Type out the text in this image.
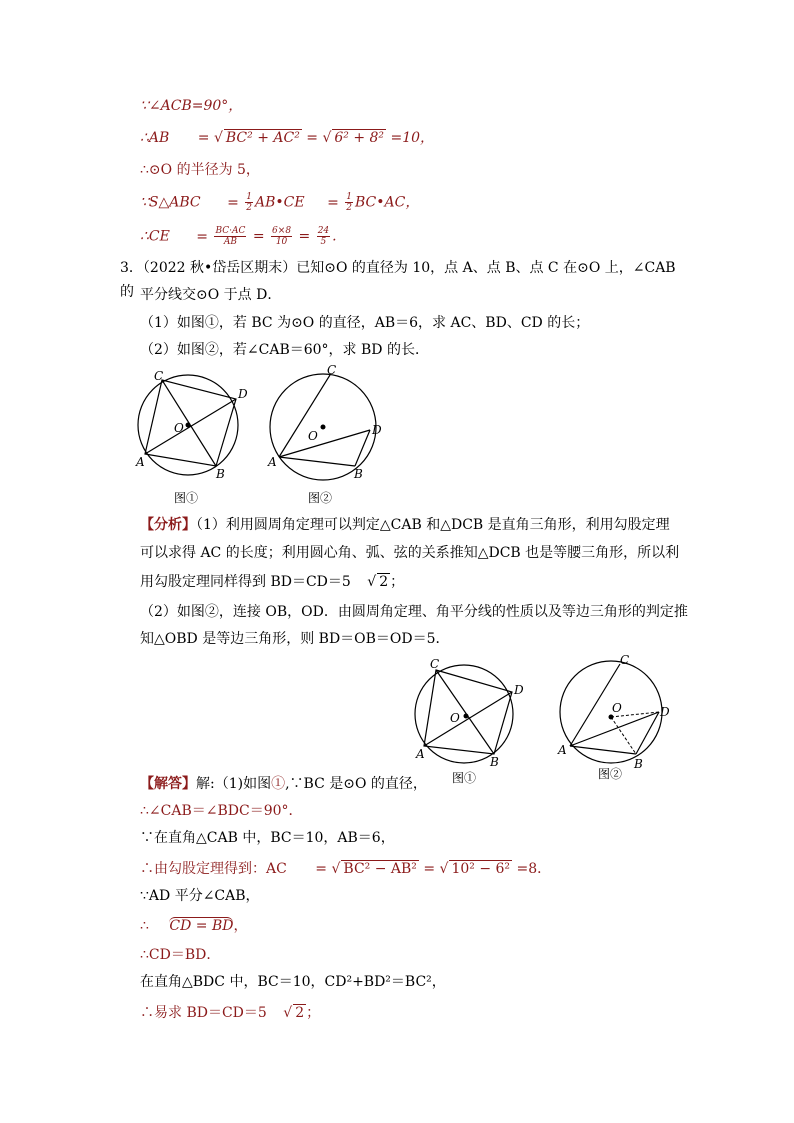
∵∠ACB=90°，
∴AB = √ BC² + AC² = √ 6² + 8² =10，
∴⊙O 的半径为 5，
∵S△ABC = $\frac{1}{2}$ AB•CE = $\frac{1}{2}$ BC•AC，
∴CE = $\frac{BC\cdot AC}{AB} = \frac{6\times 8}{10} = \frac{24}{5}$ .
3．（2022 秋•岱岳区期末）已知⊙O 的直径为 10，点 A、点 B、点 C 在⊙O 上，∠CAB 的 平分线交⊙O 于点 D．
（1）如图①，若 BC 为⊙O 的直径，AB＝6，求 AC、BD、CD 的长；
（2）如图②，若∠CAB＝60°，求 BD 的长．
C
D
O
A
B
图①
C
D
O
A
B
图②
【分析】（1）利用圆周角定理可以判定△CAB 和△DCB 是直角三角形，利用勾股定理
可以求得 AC 的长度；利用圆心角、弧、弦的关系推知△DCB 也是等腰三角形，所以利
用勾股定理同样得到 BD＝CD＝5 √ 2 ；
（2）如图②，连接 OB，OD．由圆周角定理、角平分线的性质以及等边三角形的判定推
知△OBD 是等边三角形，则 BD＝OB＝OD＝5．
C
D
O
A
B
图①
C
D
O
A
B
图②
【解答】解:（1)如图①,∵BC 是⊙O 的直径，
∴∠CAB＝∠BDC＝90°．
∵在直角△CAB 中，BC＝10，AB＝6，
∴由勾股定理得到：AC = √ BC² − AB² = √ 10² − 6² =8．
∵AD 平分∠CAB，
∴ CD = BD，
∴CD＝BD．
在直角△BDC 中，BC＝10，CD²+BD²＝BC²，
∴易求 BD＝CD＝5 √ 2 ；
